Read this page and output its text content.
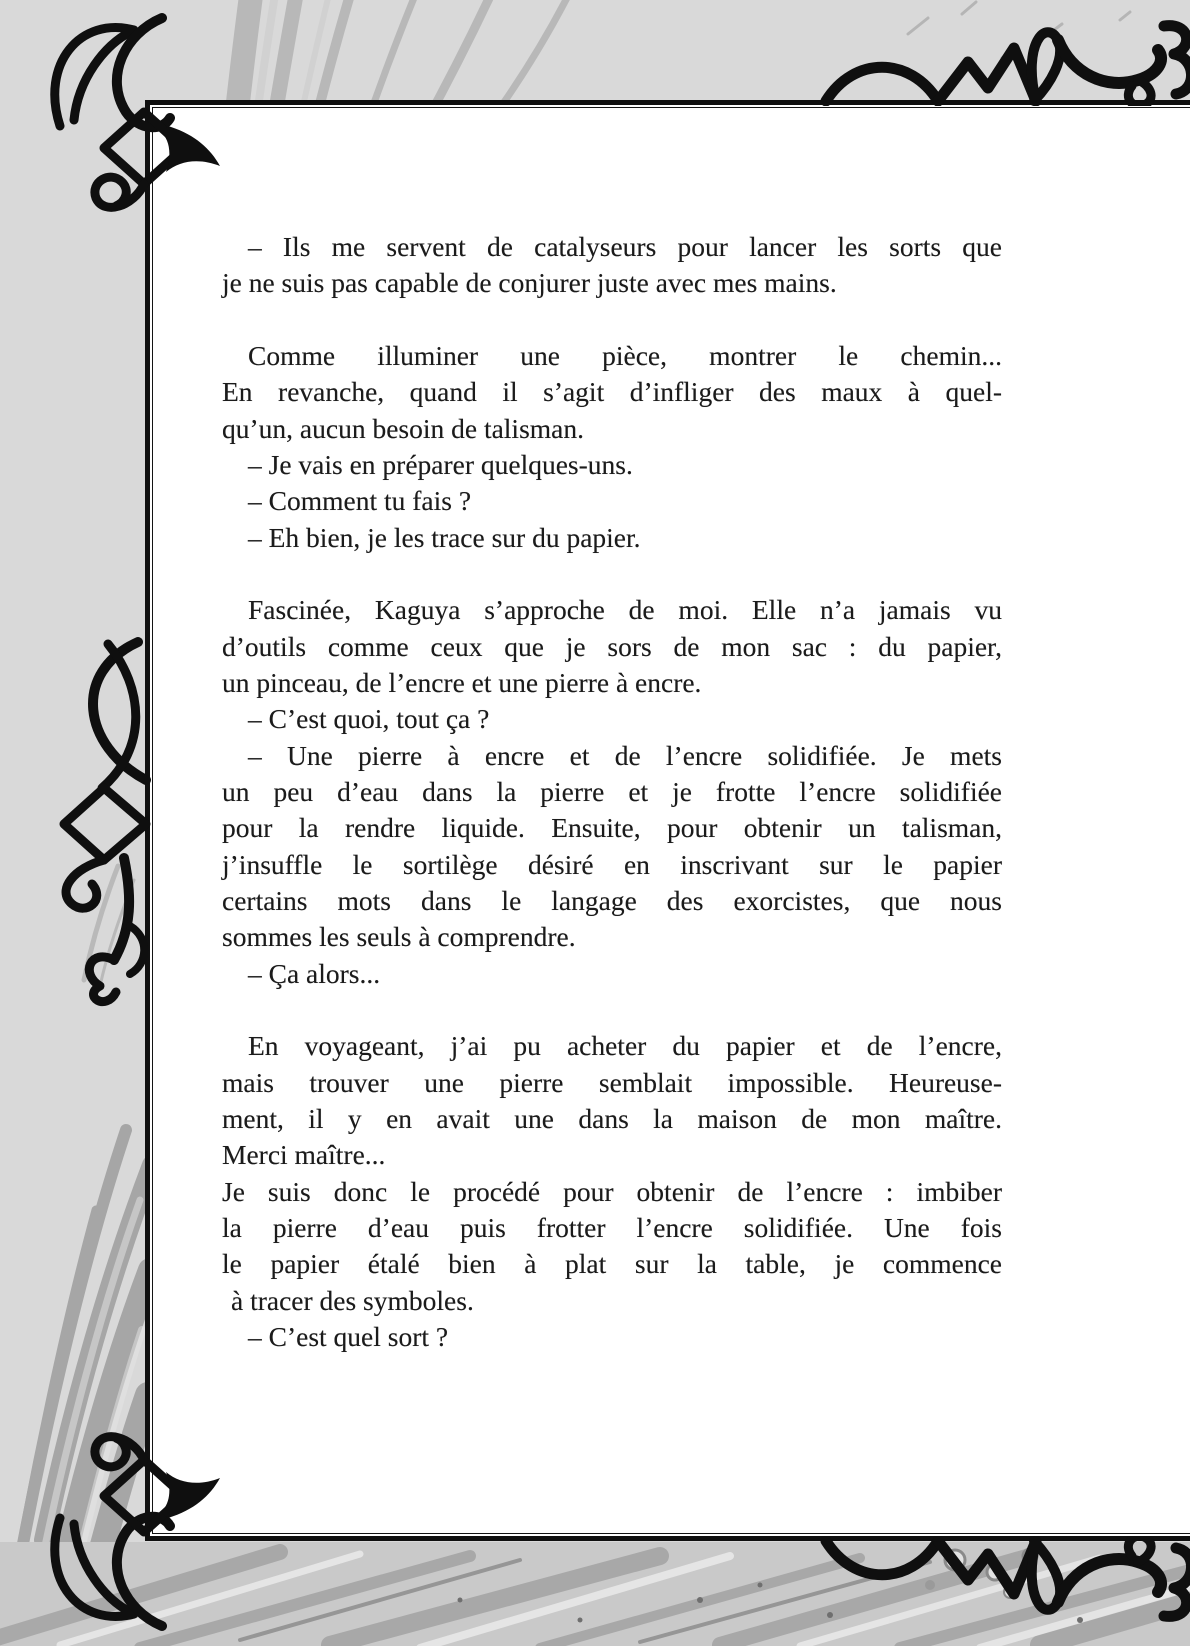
– Ils me servent de catalyseurs pour lancer les sorts que
je ne suis pas capable de conjurer juste avec mes mains.
Comme illuminer une pièce, montrer le chemin...
En revanche, quand il s’agit d’infliger des maux à quel-
qu’un, aucun besoin de talisman.
– Je vais en préparer quelques-uns.
– Comment tu fais ?
– Eh bien, je les trace sur du papier.
Fascinée, Kaguya s’approche de moi. Elle n’a jamais vu
d’outils comme ceux que je sors de mon sac : du papier,
un pinceau, de l’encre et une pierre à encre.
– C’est quoi, tout ça ?
– Une pierre à encre et de l’encre solidifiée. Je mets
un peu d’eau dans la pierre et je frotte l’encre solidifiée
pour la rendre liquide. Ensuite, pour obtenir un talisman,
j’insuffle le sortilège désiré en inscrivant sur le papier
certains mots dans le langage des exorcistes, que nous
sommes les seuls à comprendre.
– Ça alors...
En voyageant, j’ai pu acheter du papier et de l’encre,
mais trouver une pierre semblait impossible. Heureuse-
ment, il y en avait une dans la maison de mon maître.
Merci maître...
Je suis donc le procédé pour obtenir de l’encre : imbiber
la pierre d’eau puis frotter l’encre solidifiée. Une fois
le papier étalé bien à plat sur la table, je commence
à tracer des symboles.
– C’est quel sort ?
